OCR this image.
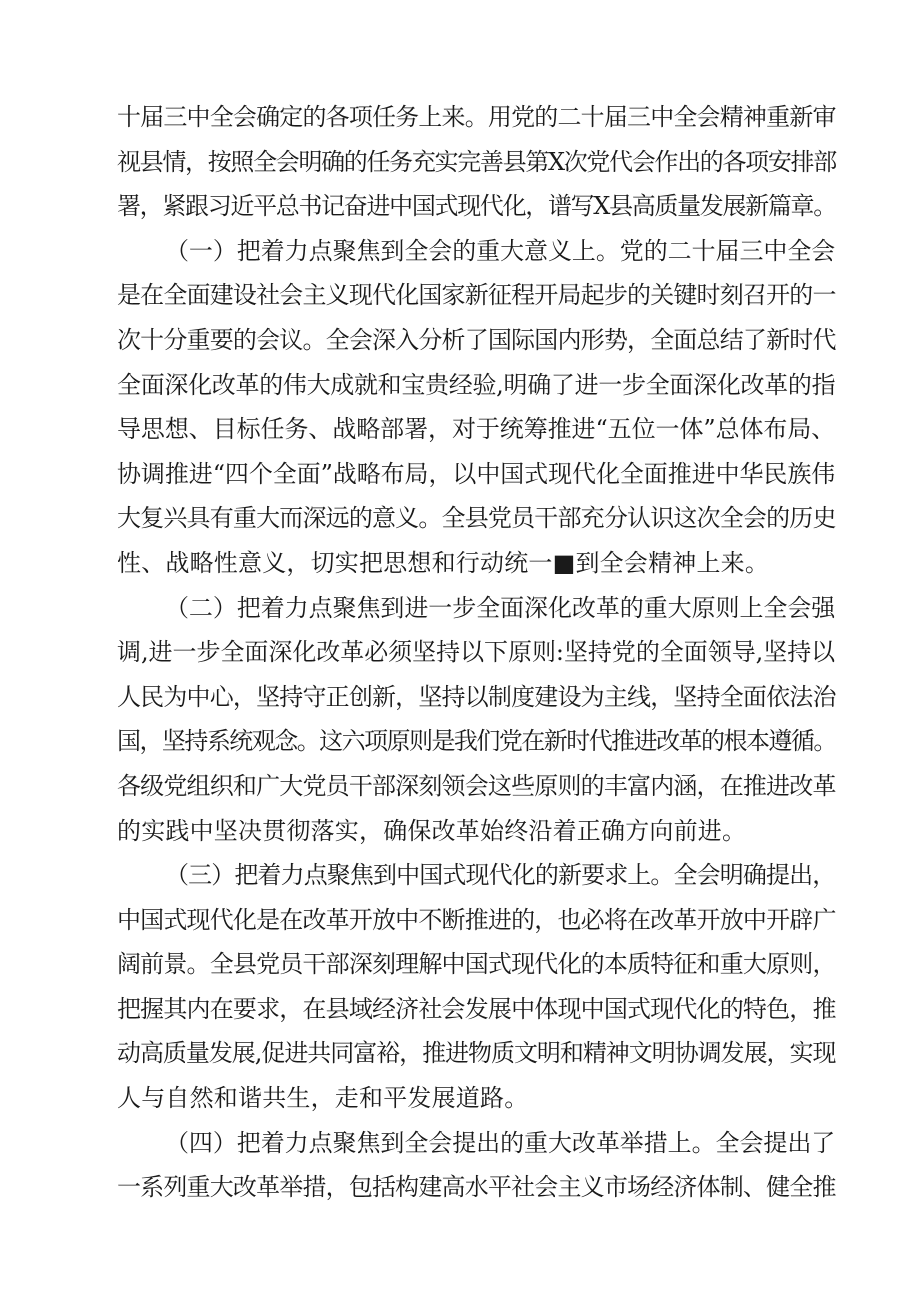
十届三中全会确定的各项任务上来。用党的二十届三中全会精神重新审
视县情，按照全会明确的任务充实完善县第X次党代会作出的各项安排部
署，紧跟习近平总书记奋进中国式现代化，谱写X县高质量发展新篇章。
（一）把着力点聚焦到全会的重大意义上。党的二十届三中全会
是在全面建设社会主义现代化国家新征程开局起步的关键时刻召开的一
次十分重要的会议。全会深入分析了国际国内形势，全面总结了新时代
全面深化改革的伟大成就和宝贵经验,明确了进一步全面深化改革的指
导思想、目标任务、战略部署，对于统筹推进“五位一体”总体布局、
协调推进“四个全面”战略布局，以中国式现代化全面推进中华民族伟
大复兴具有重大而深远的意义。全县党员干部充分认识这次全会的历史
性、战略性意义，切实把思想和行动统一■到全会精神上来。
（二）把着力点聚焦到进一步全面深化改革的重大原则上全会强
调,进一步全面深化改革必须坚持以下原则:坚持党的全面领导,坚持以
人民为中心，坚持守正创新，坚持以制度建设为主线，坚持全面依法治
国，坚持系统观念。这六项原则是我们党在新时代推进改革的根本遵循。
各级党组织和广大党员干部深刻领会这些原则的丰富内涵，在推进改革
的实践中坚决贯彻落实，确保改革始终沿着正确方向前进。
（三）把着力点聚焦到中国式现代化的新要求上。全会明确提出，
中国式现代化是在改革开放中不断推进的，也必将在改革开放中开辟广
阔前景。全县党员干部深刻理解中国式现代化的本质特征和重大原则，
把握其内在要求，在县域经济社会发展中体现中国式现代化的特色，推
动高质量发展,促进共同富裕，推进物质文明和精神文明协调发展，实现
人与自然和谐共生，走和平发展道路。
（四）把着力点聚焦到全会提出的重大改革举措上。全会提出了
一系列重大改革举措，包括构建高水平社会主义市场经济体制、健全推
